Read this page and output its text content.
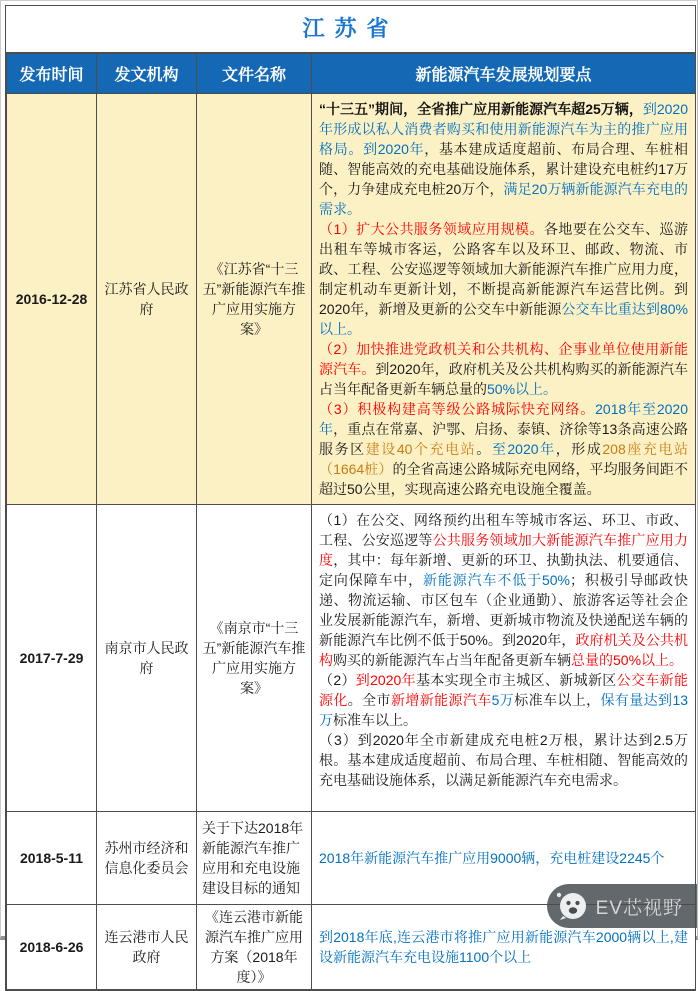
江苏省
发布时间	发文机构	文件名称	新能源汽车发展规划要点
2016-12-28	江苏省人民政府	《江苏省“十三五”新能源汽车推广应用实施方案》	“十三五”期间，全省推广应用新能源汽车超25万辆，到2020年形成以私人消费者购买和使用新能源汽车为主的推广应用格局。到2020年，基本建成适度超前、布局合理、车桩相随、智能高效的充电基础设施体系，累计建设充电桩约17万个，力争建成充电桩20万个，满足20万辆新能源汽车充电的需求。
（1）扩大公共服务领域应用规模。各地要在公交车、巡游出租车等城市客运，公路客车以及环卫、邮政、物流、市政、工程、公安巡逻等领域加大新能源汽车推广应用力度，制定机动车更新计划，不断提高新能源汽车运营比例。到2020年，新增及更新的公交车中新能源公交车比重达到80%以上。
（2）加快推进党政机关和公共机构、企事业单位使用新能源汽车。到2020年，政府机关及公共机构购买的新能源汽车占当年配备更新车辆总量的50%以上。
（3）积极构建高等级公路城际快充网络。2018年至2020年，重点在常嘉、沪鄂、启扬、泰镇、济徐等13条高速公路服务区建设40个充电站。至2020年，形成208座充电站（1664桩）的全省高速公路城际充电网络，平均服务间距不超过50公里，实现高速公路充电设施全覆盖。

2017-7-29	南京市人民政府	《南京市“十三五”新能源汽车推广应用实施方案》	（1）在公交、网络预约出租车等城市客运、环卫、市政、工程、公安巡逻等公共服务领域加大新能源汽车推广应用力度，其中：每年新增、更新的环卫、执勤执法、机要通信、定向保障车中，新能源汽车不低于50%；积极引导邮政快递、物流运输、市区包车（企业通勤）、旅游客运等社会企业发展新能源汽车，新增、更新城市物流及快递配送车辆的新能源汽车比例不低于50%。到2020年，政府机关及公共机构购买的新能源汽车占当年配备更新车辆总量的50%以上。
（2）到2020年基本实现全市主城区、新城新区公交车新能源化。全市新增新能源汽车5万标准车以上，保有量达到13万标准车以上。
（3）到2020年全市新建成充电桩2万根，累计达到2.5万根。基本建成适度超前、布局合理、车桩相随、智能高效的充电基础设施体系，以满足新能源汽车充电需求。

2018-5-11	苏州市经济和信息化委员会	关于下达2018年新能源汽车推广应用和充电设施建设目标的通知	2018年新能源汽车推广应用9000辆，充电桩建设2245个

2018-6-26	连云港市人民政府	《连云港市新能源汽车推广应用方案（2018年度）》	到2018年底,连云港市将推广应用新能源汽车2000辆以上,建设新能源汽车充电设施1100个以上
EV芯视野
